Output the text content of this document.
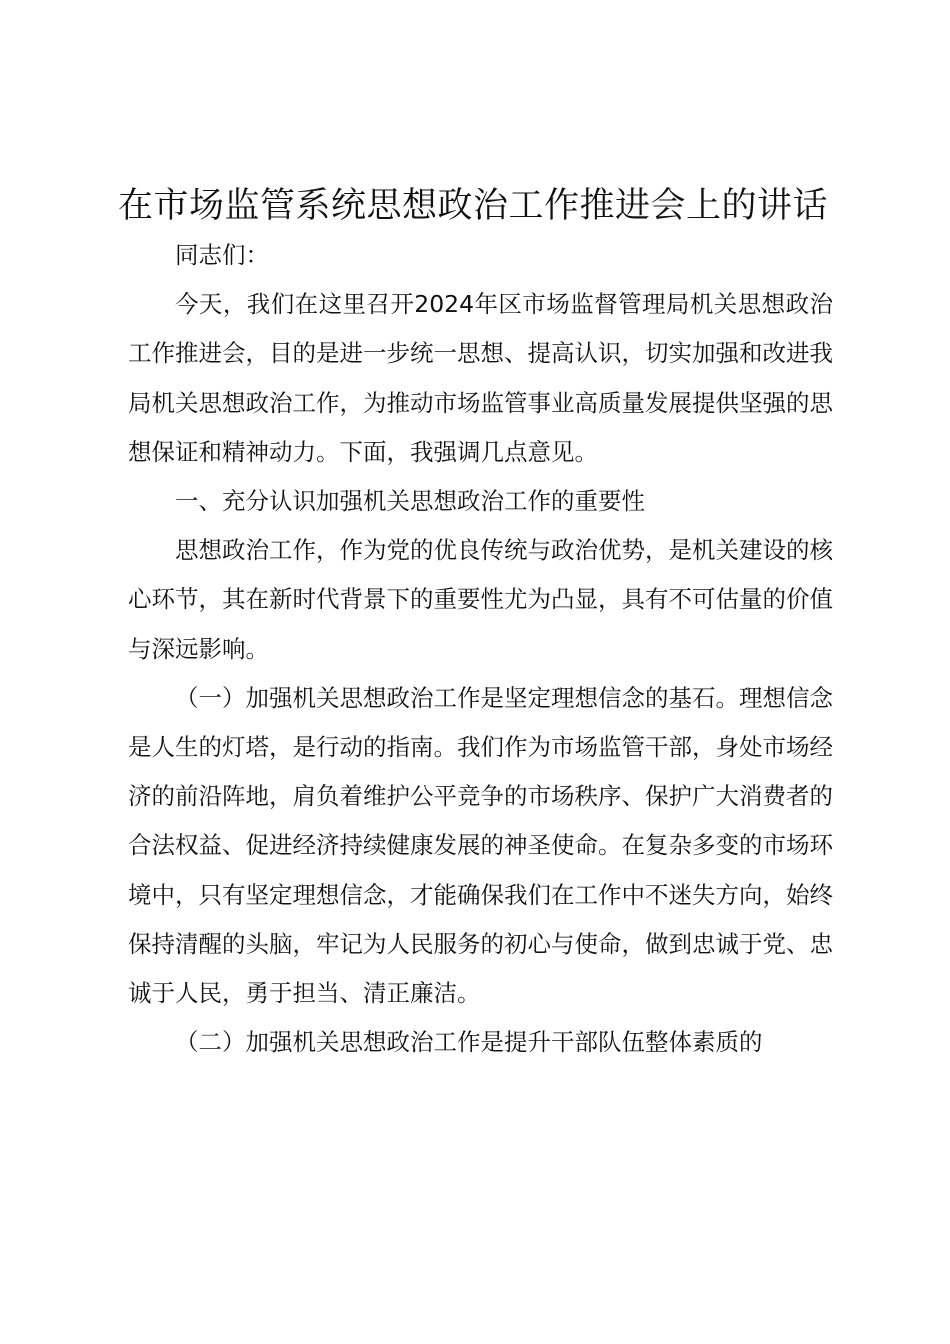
在市场监管系统思想政治工作推进会上的讲话

同志们：

今天，我们在这里召开2024年区市场监督管理局机关思想政治工作推进会，目的是进一步统一思想、提高认识，切实加强和改进我局机关思想政治工作，为推动市场监管事业高质量发展提供坚强的思想保证和精神动力。下面，我强调几点意见。

一、充分认识加强机关思想政治工作的重要性

思想政治工作，作为党的优良传统与政治优势，是机关建设的核心环节，其在新时代背景下的重要性尤为凸显，具有不可估量的价值与深远影响。

（一）加强机关思想政治工作是坚定理想信念的基石。理想信念是人生的灯塔，是行动的指南。我们作为市场监管干部，身处市场经济的前沿阵地，肩负着维护公平竞争的市场秩序、保护广大消费者的合法权益、促进经济持续健康发展的神圣使命。在复杂多变的市场环境中，只有坚定理想信念，才能确保我们在工作中不迷失方向，始终保持清醒的头脑，牢记为人民服务的初心与使命，做到忠诚于党、忠诚于人民，勇于担当、清正廉洁。

（二）加强机关思想政治工作是提升干部队伍整体素质的
